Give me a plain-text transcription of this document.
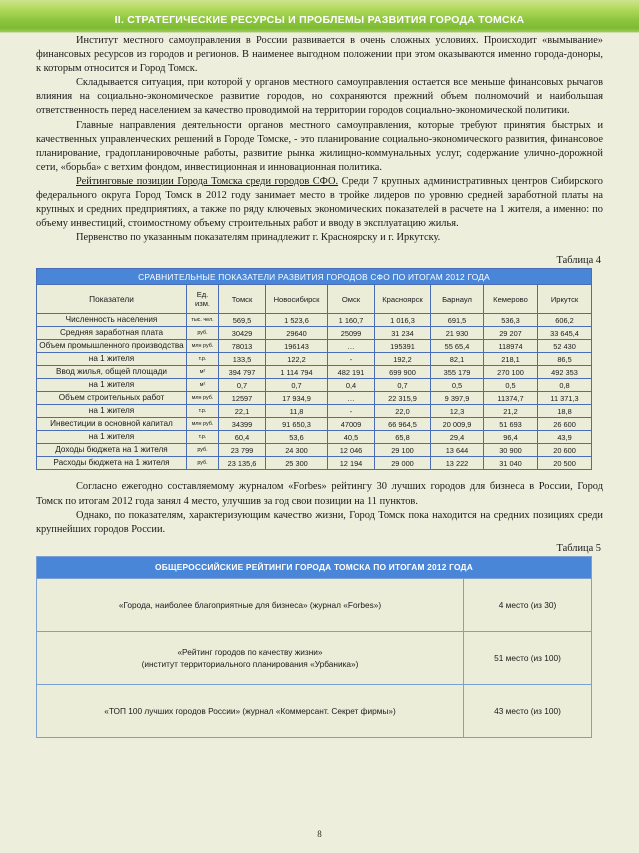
II. СТРАТЕГИЧЕСКИЕ РЕСУРСЫ И ПРОБЛЕМЫ РАЗВИТИЯ ГОРОДА ТОМСКА

Институт местного самоуправления в России развивается в очень сложных условиях. Происходит «вымывание» финансовых ресурсов из городов и регионов. В наименее выгодном положении при этом оказываются именно города-доноры, к которым относится и Город Томск.

Складывается ситуация, при которой у органов местного самоуправления остается все меньше финансовых рычагов влияния на социально-экономическое развитие городов, но сохраняются прежний объем полномочий и наибольшая ответственность перед населением за качество проводимой на территории городов социально-экономической политики.

Главные направления деятельности органов местного самоуправления, которые требуют принятия быстрых и качественных управленческих решений в Городе Томске, - это планирование социально-экономического развития, финансовое планирование, градопланировочные работы, развитие рынка жилищно-коммунальных услуг, содержание улично-дорожной сети, «борьба» с ветхим фондом, инвестиционная и инновационная политика.

Рейтинговые позиции Города Томска среди городов СФО. Среди 7 крупных административных центров Сибирского федерального округа Город Томск в 2012 году занимает место в тройке лидеров по уровню средней заработной платы на крупных и средних предприятиях, а также по ряду ключевых экономических показателей в расчете на 1 жителя, а именно: по объему инвестиций, стоимостному объему строительных работ и вводу в эксплуатацию жилья.

Первенство по указанным показателям принадлежит г. Красноярску и г. Иркутску.

Таблица 4

СРАВНИТЕЛЬНЫЕ ПОКАЗАТЕЛИ РАЗВИТИЯ ГОРОДОВ СФО ПО ИТОГАМ 2012 ГОДА								
Показатели	Ед. изм.	Томск	Новосибирск	Омск	Красноярск	Барнаул	Кемерово	Иркутск
Численность населения	тыс. чел.	569,5	1 523,6	1 160,7	1 016,3	691,5	536,3	606,2
Средняя заработная плата	руб.	30429	29640	25099	31 234	21 930	29 207	33 645,4
Объем промышленного производства	млн руб.	78013	196143	…	195391	55 65,4	118974	52 430
на 1 жителя	т.р.	133,5	122,2	-	192,2	82,1	218,1	86,5
Ввод жилья, общей площади	м²	394 797	1 114 794	482 191	699 900	355 179	270 100	492 353
на 1 жителя	м²	0,7	0,7	0,4	0,7	0,5	0,5	0,8
Объем строительных работ	млн руб.	12597	17 934,9	…	22 315,9	9 397,9	11374,7	11 371,3
на 1 жителя	т.р.	22,1	11,8	-	22,0	12,3	21,2	18,8
Инвестиции в основной капитал	млн руб.	34399	91 650,3	47009	66 964,5	20 009,9	51 693	26 600
на 1 жителя	т.р.	60,4	53,6	40,5	65,8	29,4	96,4	43,9
Доходы бюджета на 1 жителя	руб.	23 799	24 300	12 046	29 100	13 644	30 900	20 600
Расходы бюджета на 1 жителя	руб.	23 135,6	25 300	12 194	29 000	13 222	31 040	20 500

Согласно ежегодно составляемому журналом «Forbes» рейтингу 30 лучших городов для бизнеса в России, Город Томск по итогам 2012 года занял 4 место, улучшив за год свои позиции на 11 пунктов.

Однако, по показателям, характеризующим качество жизни, Город Томск пока находится на средних позициях среди крупнейших городов России.

Таблица 5

ОБЩЕРОССИЙСКИЕ РЕЙТИНГИ ГОРОДА ТОМСКА ПО ИТОГАМ 2012 ГОДА	

«Города, наиболее благоприятные для бизнеса» (журнал «Forbes»)	4 место (из 30)

«Рейтинг городов по качеству жизни»
(институт территориального планирования «Урбаника»)	51 место (из 100)

«ТОП 100 лучших городов России» (журнал «Коммерсант. Секрет фирмы»)	43 место (из 100)
8
